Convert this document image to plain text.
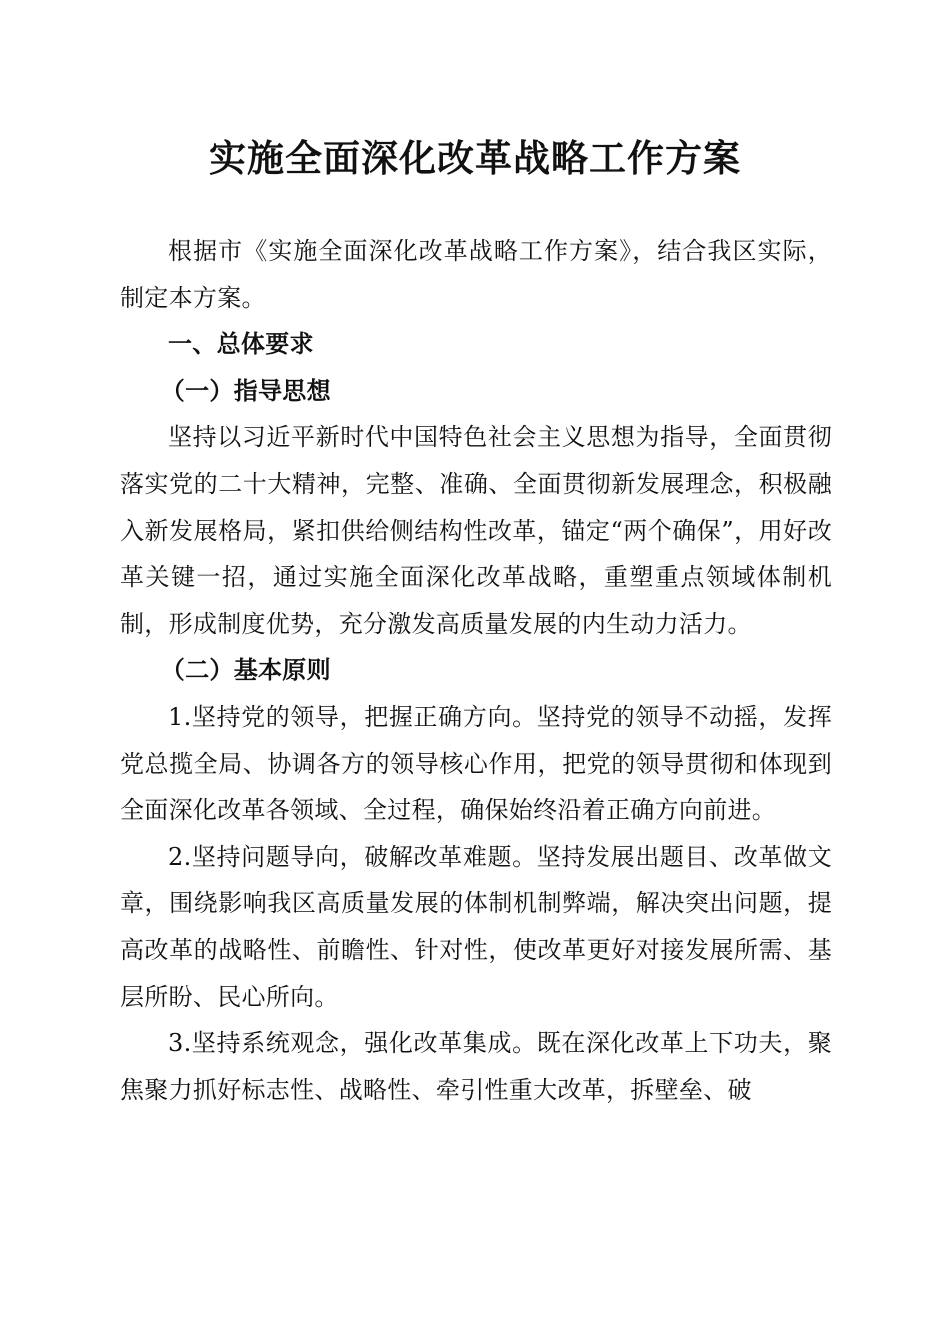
实施全面深化改革战略工作方案

根据市《实施全面深化改革战略工作方案》，结合我区实际，制定本方案。

一、总体要求

（一）指导思想

坚持以习近平新时代中国特色社会主义思想为指导，全面贯彻落实党的二十大精神，完整、准确、全面贯彻新发展理念，积极融入新发展格局，紧扣供给侧结构性改革，锚定“两个确保”，用好改革关键一招，通过实施全面深化改革战略，重塑重点领域体制机制，形成制度优势，充分激发高质量发展的内生动力活力。

（二）基本原则

1.坚持党的领导，把握正确方向。坚持党的领导不动摇，发挥党总揽全局、协调各方的领导核心作用，把党的领导贯彻和体现到全面深化改革各领域、全过程，确保始终沿着正确方向前进。

2.坚持问题导向，破解改革难题。坚持发展出题目、改革做文章，围绕影响我区高质量发展的体制机制弊端，解决突出问题，提高改革的战略性、前瞻性、针对性，使改革更好对接发展所需、基层所盼、民心所向。

3.坚持系统观念，强化改革集成。既在深化改革上下功夫，聚焦聚力抓好标志性、战略性、牵引性重大改革，拆壁垒、破
